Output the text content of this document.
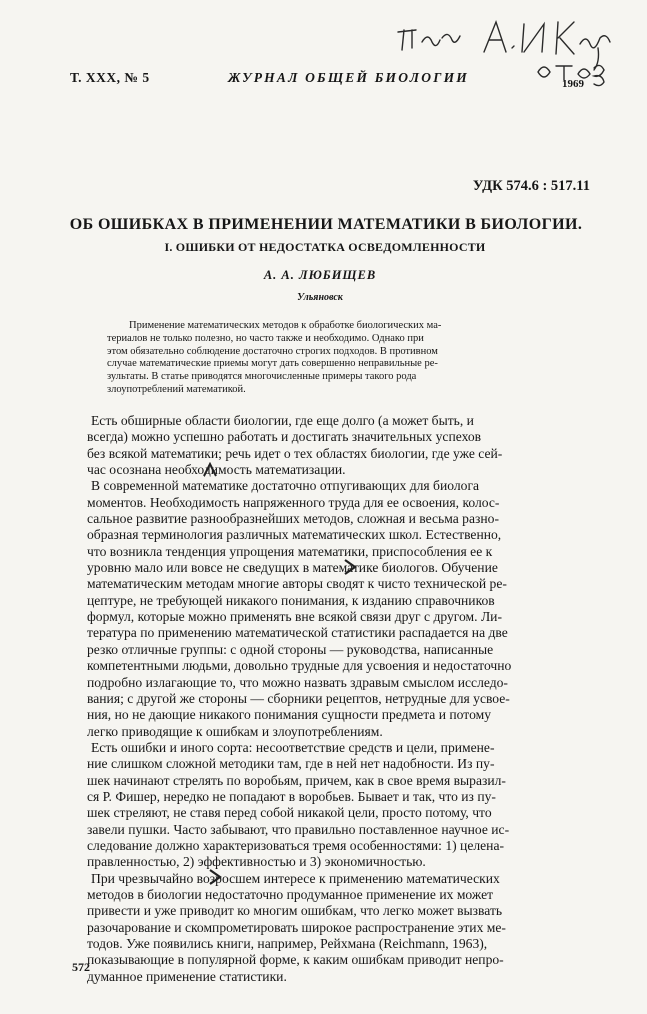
Т. XXX, № 5	ЖУРНАЛ ОБЩЕЙ БИОЛОГИИ	1969
УДК 574.6 : 517.11
ОБ ОШИБКАХ В ПРИМЕНЕНИИ МАТЕМАТИКИ В БИОЛОГИИ.
I. ОШИБКИ ОТ НЕДОСТАТКА ОСВЕДОМЛЕННОСТИ
А. А. ЛЮБИЩЕВ
Ульяновск
Применение математических методов к обработке биологических ма-
териалов не только полезно, но часто также и необходимо. Однако при
этом обязательно соблюдение достаточно строгих подходов. В противном
случае математические приемы могут дать совершенно неправильные ре-
зультаты. В статье приводятся многочисленные примеры такого рода
злоупотреблений математикой.
Есть обширные области биологии, где еще долго (а может быть, и
всегда) можно успешно работать и достигать значительных успехов
без всякой математики; речь идет о тех областях биологии, где уже сей-
час осознана необходимость математизации.
В современной математике достаточно отпугивающих для биолога
моментов. Необходимость напряженного труда для ее освоения, колос-
сальное развитие разнообразнейших методов, сложная и весьма разно-
образная терминология различных математических школ. Естественно,
что возникла тенденция упрощения математики, приспособления ее к
уровню мало или вовсе не сведущих в математике биологов. Обучение
математическим методам многие авторы сводят к чисто технической ре-
цептуре, не требующей никакого понимания, к изданию справочников
формул, которые можно применять вне всякой связи друг с другом. Ли-
тература по применению математической статистики распадается на две
резко отличные группы: с одной стороны — руководства, написанные
компетентными людьми, довольно трудные для усвоения и недостаточно
подробно излагающие то, что можно назвать здравым смыслом исследо-
вания; с другой же стороны — сборники рецептов, нетрудные для усвое-
ния, но не дающие никакого понимания сущности предмета и потому
легко приводящие к ошибкам и злоупотреблениям.
Есть ошибки и иного сорта: несоответствие средств и цели, примене-
ние слишком сложной методики там, где в ней нет надобности. Из пу-
шек начинают стрелять по воробьям, причем, как в свое время выразил-
ся Р. Фишер, нередко не попадают в воробьев. Бывает и так, что из пу-
шек стреляют, не ставя перед собой никакой цели, просто потому, что
завели пушки. Часто забывают, что правильно поставленное научное ис-
следование должно характеризоваться тремя особенностями: 1) целена-
правленностью, 2) эффективностью и 3) экономичностью.
При чрезвычайно возросшем интересе к применению математических
методов в биологии недостаточно продуманное применение их может
привести и уже приводит ко многим ошибкам, что легко может вызвать
разочарование и скомпрометировать широкое распространение этих ме-
тодов. Уже появились книги, например, Рейхмана (Reichmann, 1963),
показывающие в популярной форме, к каким ошибкам приводит непро-
думанное применение статистики.
572
